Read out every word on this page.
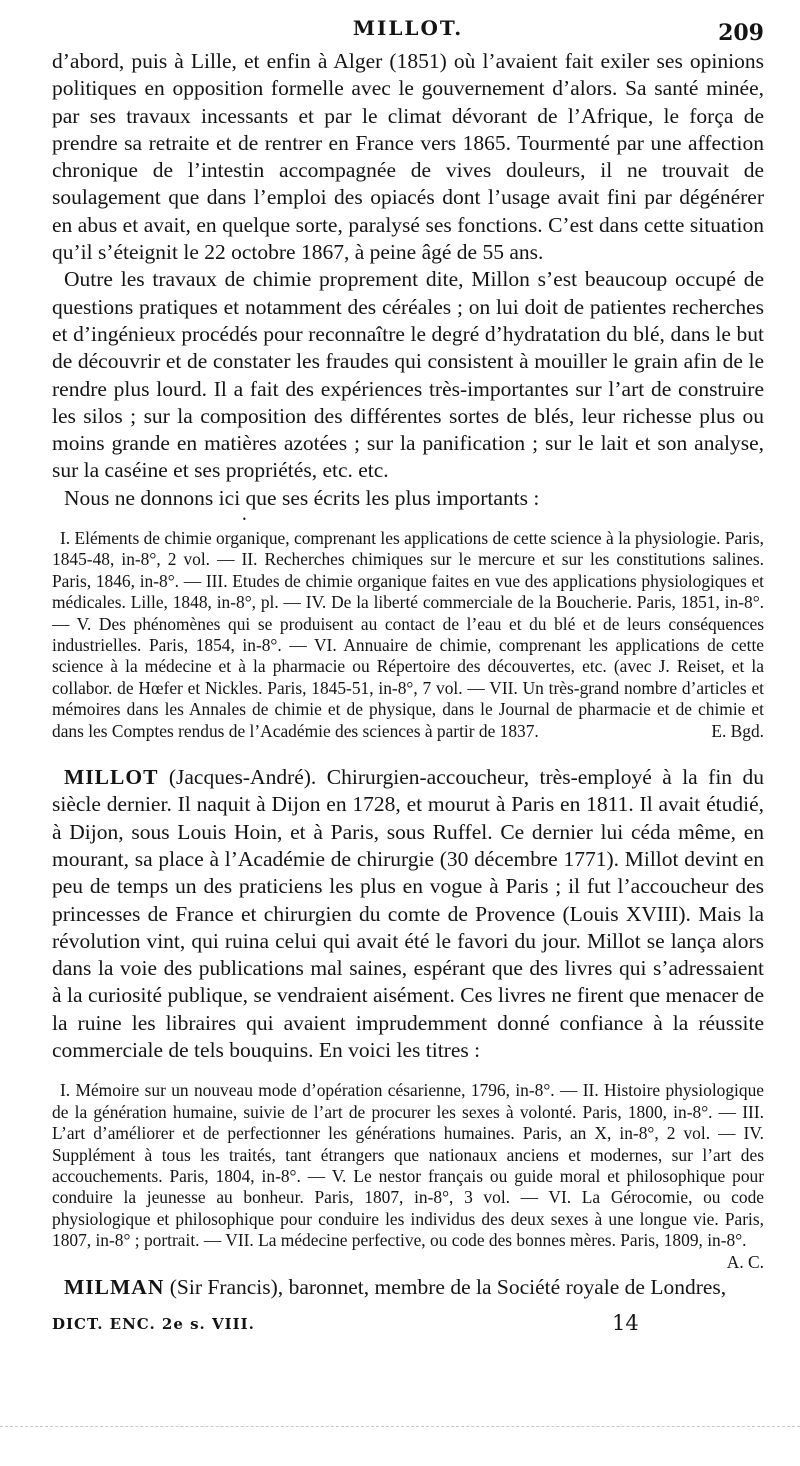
MILLOT.	209

d’abord, puis à Lille, et enfin à Alger (1851) où l’avaient fait exiler ses opinions politiques en opposition formelle avec le gouvernement d’alors. Sa santé minée, par ses travaux incessants et par le climat dévorant de l’Afrique, le força de prendre sa retraite et de rentrer en France vers 1865. Tourmenté par une affection chronique de l’intestin accompagnée de vives douleurs, il ne trouvait de soulagement que dans l’emploi des opiacés dont l’usage avait fini par dégénérer en abus et avait, en quelque sorte, paralysé ses fonctions. C’est dans cette situation qu’il s’éteignit le 22 octobre 1867, à peine âgé de 55 ans.

Outre les travaux de chimie proprement dite, Millon s’est beaucoup occupé de questions pratiques et notamment des céréales ; on lui doit de patientes recherches et d’ingénieux procédés pour reconnaître le degré d’hydratation du blé, dans le but de découvrir et de constater les fraudes qui consistent à mouiller le grain afin de le rendre plus lourd. Il a fait des expériences très-importantes sur l’art de construire les silos ; sur la composition des différentes sortes de blés, leur richesse plus ou moins grande en matières azotées ; sur la panification ; sur le lait et son analyse, sur la caséine et ses propriétés, etc. etc.

Nous ne donnons ici que ses écrits les plus importants :

•

I. Eléments de chimie organique, comprenant les applications de cette science à la physiologie. Paris, 1845-48, in-8°, 2 vol. — II. Recherches chimiques sur le mercure et sur les constitutions salines. Paris, 1846, in-8°. — III. Etudes de chimie organique faites en vue des applications physiologiques et médicales. Lille, 1848, in-8°, pl. — IV. De la liberté commerciale de la Boucherie. Paris, 1851, in-8°. — V. Des phénomènes qui se produisent au contact de l’eau et du blé et de leurs conséquences industrielles. Paris, 1854, in-8°. — VI. Annuaire de chimie, comprenant les applications de cette science à la médecine et à la pharmacie ou Répertoire des découvertes, etc. (avec J. Reiset, et la collabor. de Hœfer et Nickles. Paris, 1845-51, in-8°, 7 vol. — VII. Un très-grand nombre d’articles et mémoires dans les Annales de chimie et de physique, dans le Journal de pharmacie et de chimie et dans les Comptes rendus de l’Académie des sciences à partir de 1837.	E. Bgd.

MILLOT (Jacques-André). Chirurgien-accoucheur, très-employé à la fin du siècle dernier. Il naquit à Dijon en 1728, et mourut à Paris en 1811. Il avait étudié, à Dijon, sous Louis Hoin, et à Paris, sous Ruffel. Ce dernier lui céda même, en mourant, sa place à l’Académie de chirurgie (30 décembre 1771). Millot devint en peu de temps un des praticiens les plus en vogue à Paris ; il fut l’accoucheur des princesses de France et chirurgien du comte de Provence (Louis XVIII). Mais la révolution vint, qui ruina celui qui avait été le favori du jour. Millot se lança alors dans la voie des publications mal saines, espérant que des livres qui s’adressaient à la curiosité publique, se vendraient aisément. Ces livres ne firent que menacer de la ruine les libraires qui avaient imprudemment donné confiance à la réussite commerciale de tels bouquins. En voici les titres :

I. Mémoire sur un nouveau mode d’opération césarienne, 1796, in-8°. — II. Histoire physiologique de la génération humaine, suivie de l’art de procurer les sexes à volonté. Paris, 1800, in-8°. — III. L’art d’améliorer et de perfectionner les générations humaines. Paris, an X, in-8°, 2 vol. — IV. Supplément à tous les traités, tant étrangers que nationaux anciens et modernes, sur l’art des accouchements. Paris, 1804, in-8°. — V. Le nestor français ou guide moral et philosophique pour conduire la jeunesse au bonheur. Paris, 1807, in-8°, 3 vol. — VI. La Gérocomie, ou code physiologique et philosophique pour conduire les individus des deux sexes à une longue vie. Paris, 1807, in-8° ; portrait. — VII. La médecine perfective, ou code des bonnes mères. Paris, 1809, in-8°.
A. C.

MILMAN (Sir Francis), baronnet, membre de la Société royale de Londres,

DICT. ENC. 2e s. VIII.	14
